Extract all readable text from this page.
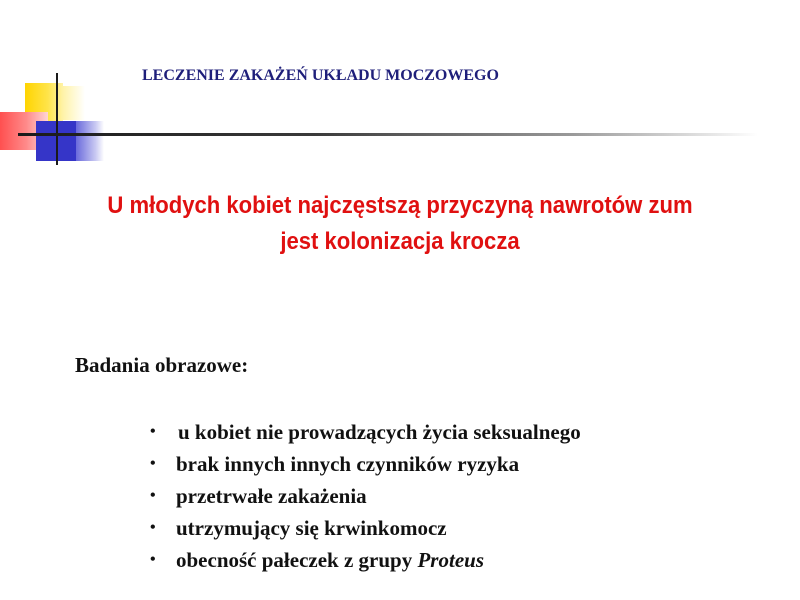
LECZENIE ZAKAŻEŃ UKŁADU MOCZOWEGO
U młodych kobiet najczęstszą przyczyną nawrotów zum
jest kolonizacja krocza
Badania obrazowe:
• u kobiet nie prowadzących życia seksualnego
• brak innych innych czynników ryzyka
• przetrwałe zakażenia
• utrzymujący się krwinkomocz
• obecność pałeczek z grupy Proteus
